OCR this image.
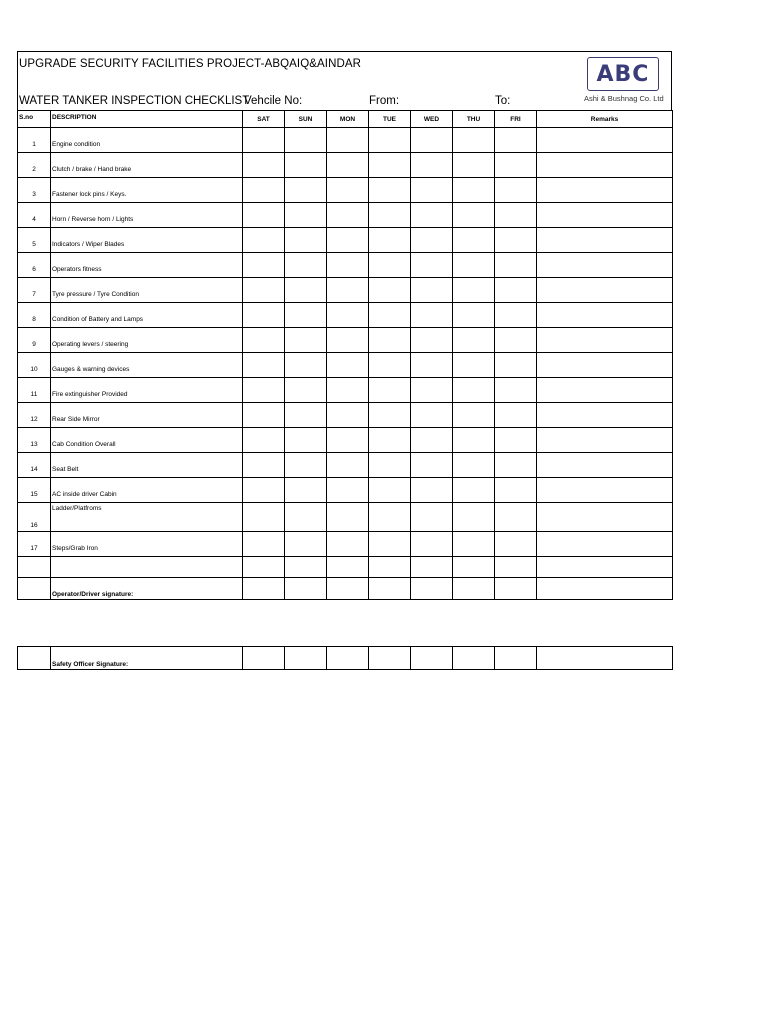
UPGRADE SECURITY FACILITIES PROJECT-ABQAIQ&AINDAR
WATER TANKER INSPECTION CHECKLIST
Vehcile No:	From:	To:
ABC
Ashi & Bushnag Co. Ltd
S.no	DESCRIPTION	SAT	SUN	MON	TUE	WED	THU	FRI	Remarks
1	Engine condition								
2	Clutch / brake / Hand brake								
3	Fastener lock pins / Keys.								
4	Horn / Reverse horn / Lights								
5	Indicators / Wiper Blades								
6	Operators fitness								
7	Tyre pressure / Tyre Condition								
8	Condition of Battery and Lamps								
9	Operating levers / steering								
10	Gauges & warning devices								
11	Fire extinguisher Provided								
12	Rear Side Mirror								
13	Cab Condition Overall								
14	Seat Belt								
15	AC inside driver Cabin								
16	Ladder/Platfroms								
17	Steps/Grab Iron								

	Operator/Driver signature:								
	Safety Officer Signature:								
